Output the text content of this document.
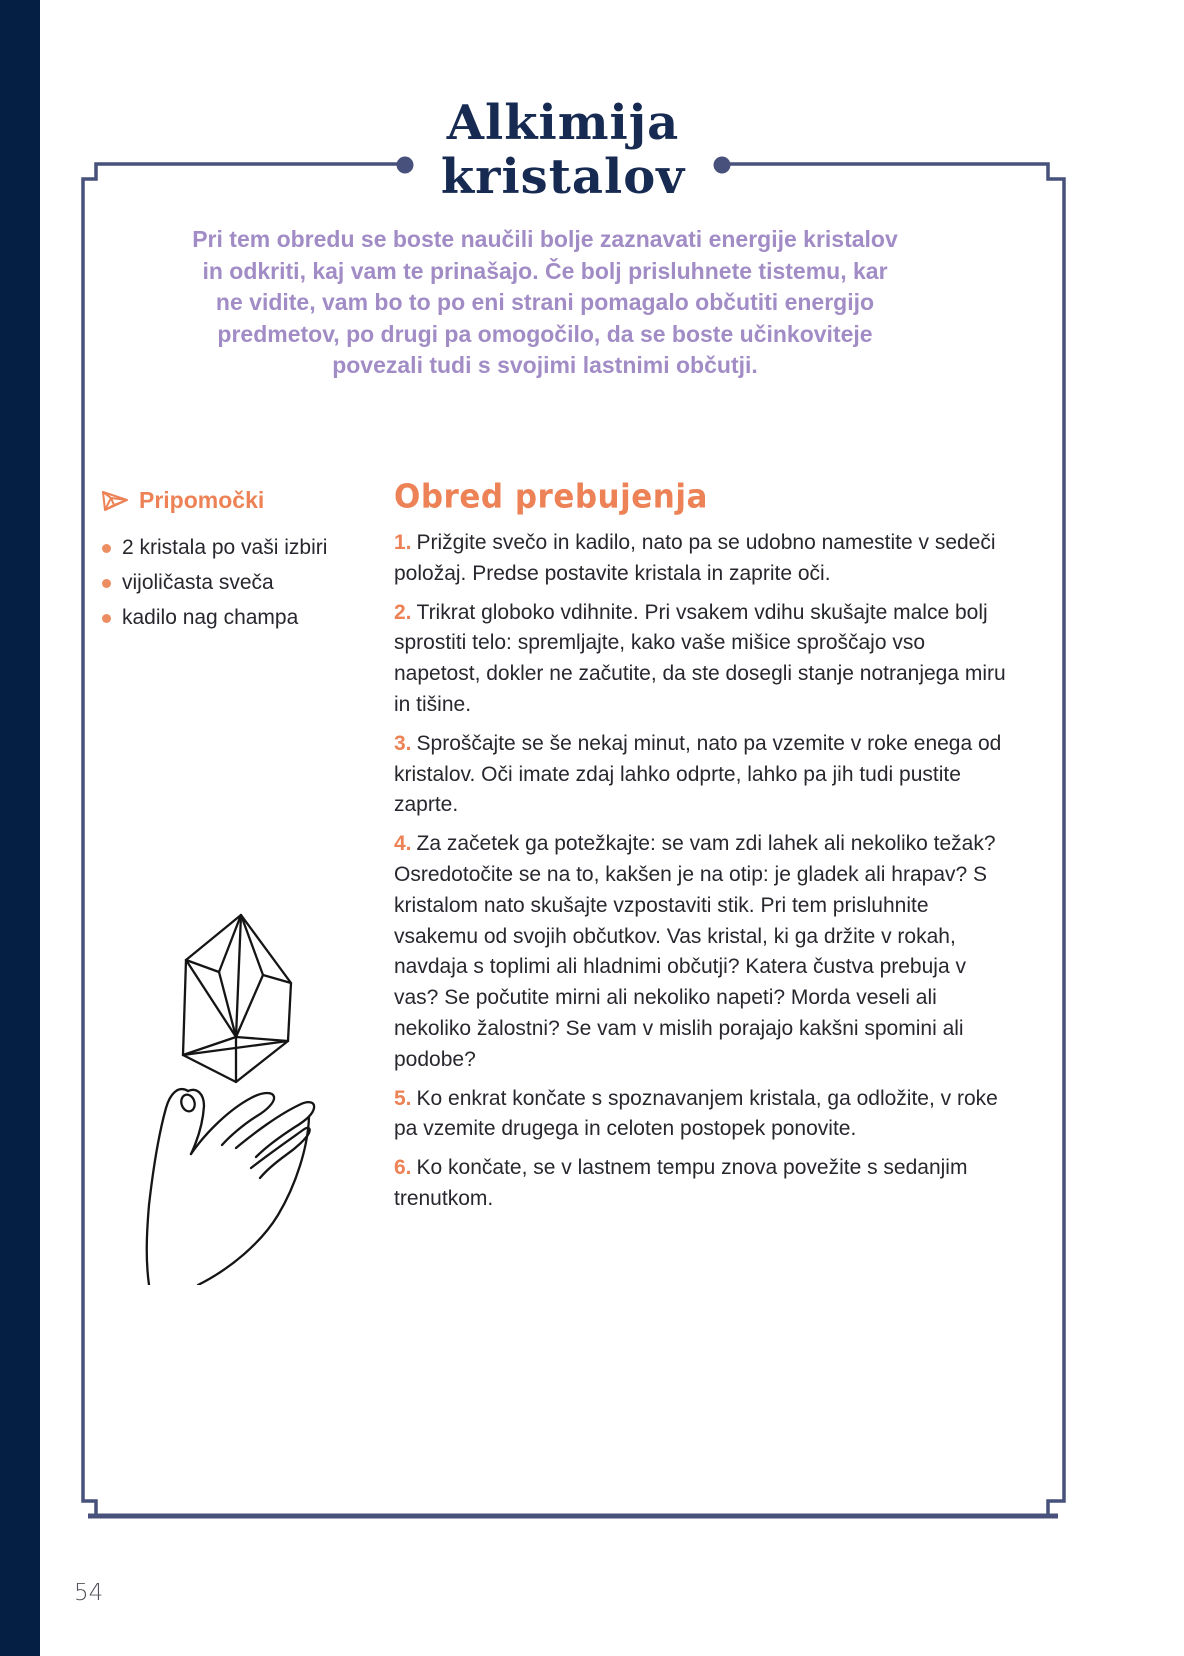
Alkimija
kristalov
Pri tem obredu se boste naučili bolje zaznavati energije kristalov in odkriti, kaj vam te prinašajo. Če bolj prisluhnete tistemu, kar ne vidite, vam bo to po eni strani pomagalo občutiti energijo predmetov, po drugi pa omogočilo, da se boste učinkoviteje povezali tudi s svojimi lastnimi občutji.
Pripomočki
2 kristala po vaši izbiri
vijoličasta sveča
kadilo nag champa
Obred prebujenja

1. Prižgite svečo in kadilo, nato pa se udobno namestite v sedeči položaj. Predse postavite kristala in zaprite oči.

2. Trikrat globoko vdihnite. Pri vsakem vdihu skušajte malce bolj sprostiti telo: spremljajte, kako vaše mišice sproščajo vso napetost, dokler ne začutite, da ste dosegli stanje notranjega miru in tišine.

3. Sproščajte se še nekaj minut, nato pa vzemite v roke enega od kristalov. Oči imate zdaj lahko odprte, lahko pa jih tudi pustite zaprte.

4. Za začetek ga potežkajte: se vam zdi lahek ali nekoliko težak? Osredotočite se na to, kakšen je na otip: je gladek ali hrapav? S kristalom nato skušajte vzpostaviti stik. Pri tem prisluhnite vsakemu od svojih občutkov. Vas kristal, ki ga držite v rokah, navdaja s toplimi ali hladnimi občutji? Katera čustva prebuja v vas? Se počutite mirni ali nekoliko napeti? Morda veseli ali nekoliko žalostni? Se vam v mislih porajajo kakšni spomini ali podobe?

5. Ko enkrat končate s spoznavanjem kristala, ga odložite, v roke pa vzemite drugega in celoten postopek ponovite.

6. Ko končate, se v lastnem tempu znova povežite s sedanjim trenutkom.

54
